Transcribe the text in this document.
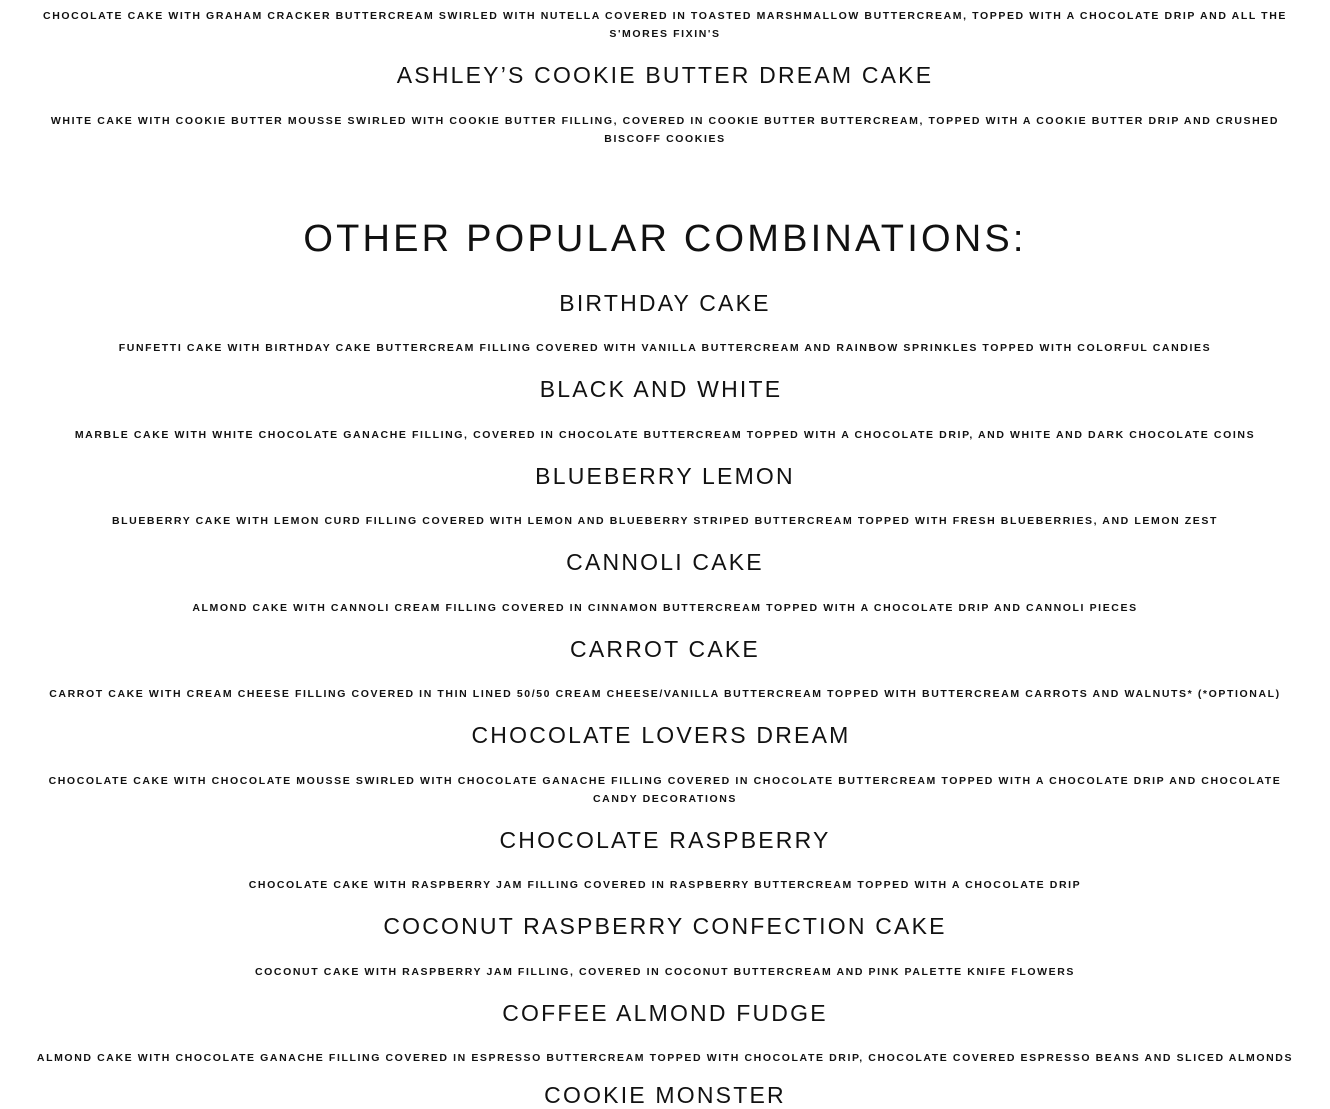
CHOCOLATE CAKE WITH GRAHAM CRACKER BUTTERCREAM SWIRLED WITH NUTELLA COVERED IN TOASTED MARSHMALLOW BUTTERCREAM, TOPPED WITH A CHOCOLATE DRIP AND ALL THE S'MORES FIXIN'S

ASHLEY’S COOKIE BUTTER DREAM CAKE

WHITE CAKE WITH COOKIE BUTTER MOUSSE SWIRLED WITH COOKIE BUTTER FILLING, COVERED IN COOKIE BUTTER BUTTERCREAM, TOPPED WITH A COOKIE BUTTER DRIP AND CRUSHED BISCOFF COOKIES

OTHER POPULAR COMBINATIONS:
BIRTHDAY CAKE

FUNFETTI CAKE WITH BIRTHDAY CAKE BUTTERCREAM FILLING COVERED WITH VANILLA BUTTERCREAM AND RAINBOW SPRINKLES TOPPED WITH COLORFUL CANDIES

BLACK AND WHITE

MARBLE CAKE WITH WHITE CHOCOLATE GANACHE FILLING, COVERED IN CHOCOLATE BUTTERCREAM TOPPED WITH A CHOCOLATE DRIP, AND WHITE AND DARK CHOCOLATE COINS

BLUEBERRY LEMON

BLUEBERRY CAKE WITH LEMON CURD FILLING COVERED WITH LEMON AND BLUEBERRY STRIPED BUTTERCREAM TOPPED WITH FRESH BLUEBERRIES, AND LEMON ZEST

CANNOLI CAKE

ALMOND CAKE WITH CANNOLI CREAM FILLING COVERED IN CINNAMON BUTTERCREAM TOPPED WITH A CHOCOLATE DRIP AND CANNOLI PIECES

CARROT CAKE

CARROT CAKE WITH CREAM CHEESE FILLING COVERED IN THIN LINED 50/50 CREAM CHEESE/VANILLA BUTTERCREAM TOPPED WITH BUTTERCREAM CARROTS AND WALNUTS* (*OPTIONAL)

CHOCOLATE LOVERS DREAM

CHOCOLATE CAKE WITH CHOCOLATE MOUSSE SWIRLED WITH CHOCOLATE GANACHE FILLING COVERED IN CHOCOLATE BUTTERCREAM TOPPED WITH A CHOCOLATE DRIP AND CHOCOLATE CANDY DECORATIONS

CHOCOLATE RASPBERRY

CHOCOLATE CAKE WITH RASPBERRY JAM FILLING COVERED IN RASPBERRY BUTTERCREAM TOPPED WITH A CHOCOLATE DRIP

COCONUT RASPBERRY CONFECTION CAKE

COCONUT CAKE WITH RASPBERRY JAM FILLING, COVERED IN COCONUT BUTTERCREAM AND PINK PALETTE KNIFE FLOWERS

COFFEE ALMOND FUDGE

ALMOND CAKE WITH CHOCOLATE GANACHE FILLING COVERED IN ESPRESSO BUTTERCREAM TOPPED WITH CHOCOLATE DRIP, CHOCOLATE COVERED ESPRESSO BEANS AND SLICED ALMONDS

COOKIE MONSTER
